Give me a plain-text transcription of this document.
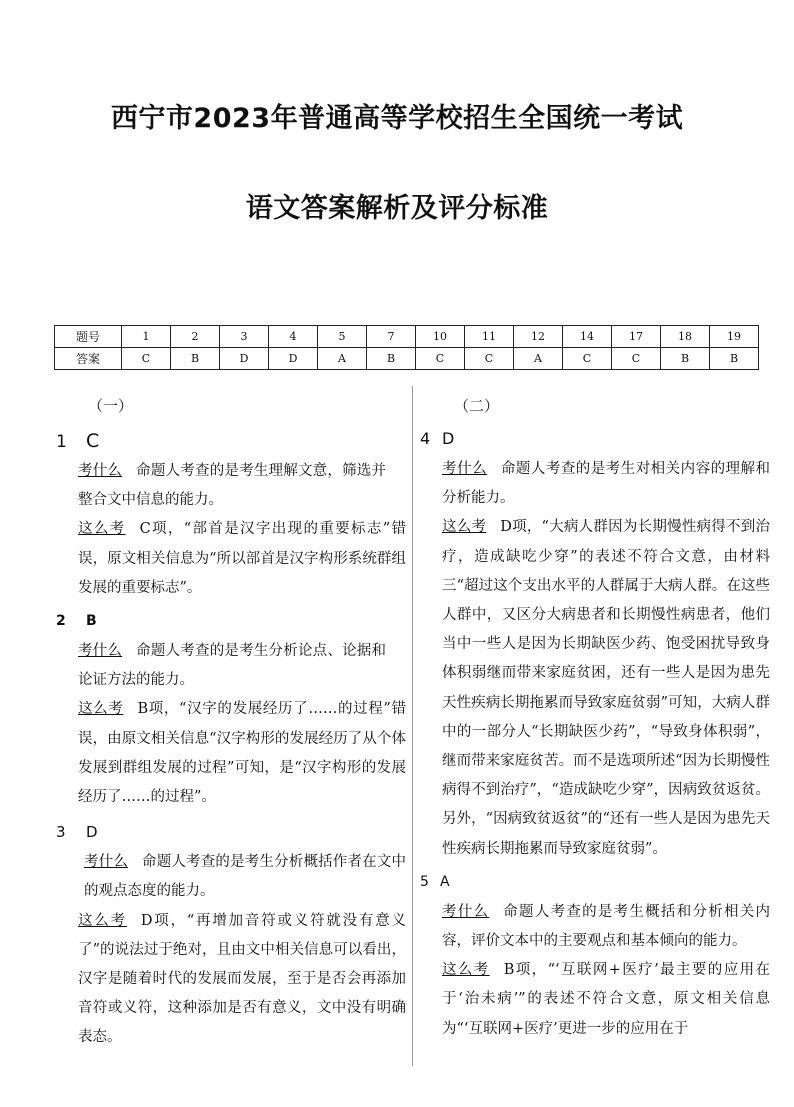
西宁市2023年普通高等学校招生全国统一考试
语文答案解析及评分标准
题号	1	2	3	4	5	7	10	11	12	14	17	18	19
答案	C	B	D	D	A	B	C	C	A	C	C	B	B
（一）
1 C

考什么 命题人考查的是考生理解文意，筛选并整合文中信息的能力。

这么考 C项，“部首是汉字出现的重要标志”错误，原文相关信息为“所以部首是汉字构形系统群组发展的重要标志”。

2 B

考什么 命题人考查的是考生分析论点、论据和论证方法的能力。

这么考 B项，“汉字的发展经历了……的过程”错误，由原文相关信息“汉字构形的发展经历了从个体发展到群组发展的过程”可知，是“汉字构形的发展经历了……的过程”。

3 D

考什么 命题人考查的是考生分析概括作者在文中的观点态度的能力。

这么考 D项，“再增加音符或义符就没有意义了”的说法过于绝对，且由文中相关信息可以看出，汉字是随着时代的发展而发展，至于是否会再添加音符或义符，这种添加是否有意义，文中没有明确表态。

（二）
4 D

考什么 命题人考查的是考生对相关内容的理解和分析能力。

这么考 D项，“大病人群因为长期慢性病得不到治疗，造成缺吃少穿”的表述不符合文意，由材料三“超过这个支出水平的人群属于大病人群。在这些人群中，又区分大病患者和长期慢性病患者，他们当中一些人是因为长期缺医少药、饱受困扰导致身体积弱继而带来家庭贫困，还有一些人是因为患先天性疾病长期拖累而导致家庭贫弱”可知，大病人群中的一部分人“长期缺医少药”，“导致身体积弱”，继而带来家庭贫苦。而不是选项所述“因为长期慢性病得不到治疗”，“造成缺吃少穿”，因病致贫返贫。另外，“因病致贫返贫”的“还有一些人是因为患先天性疾病长期拖累而导致家庭贫弱”。

5 A

考什么 命题人考查的是考生概括和分析相关内容，评价文本中的主要观点和基本倾向的能力。

这么考 B项，“‘互联网+医疗’最主要的应用在于‘治未病’”的表述不符合文意，原文相关信息为“‘互联网+医疗’更进一步的应用在于
